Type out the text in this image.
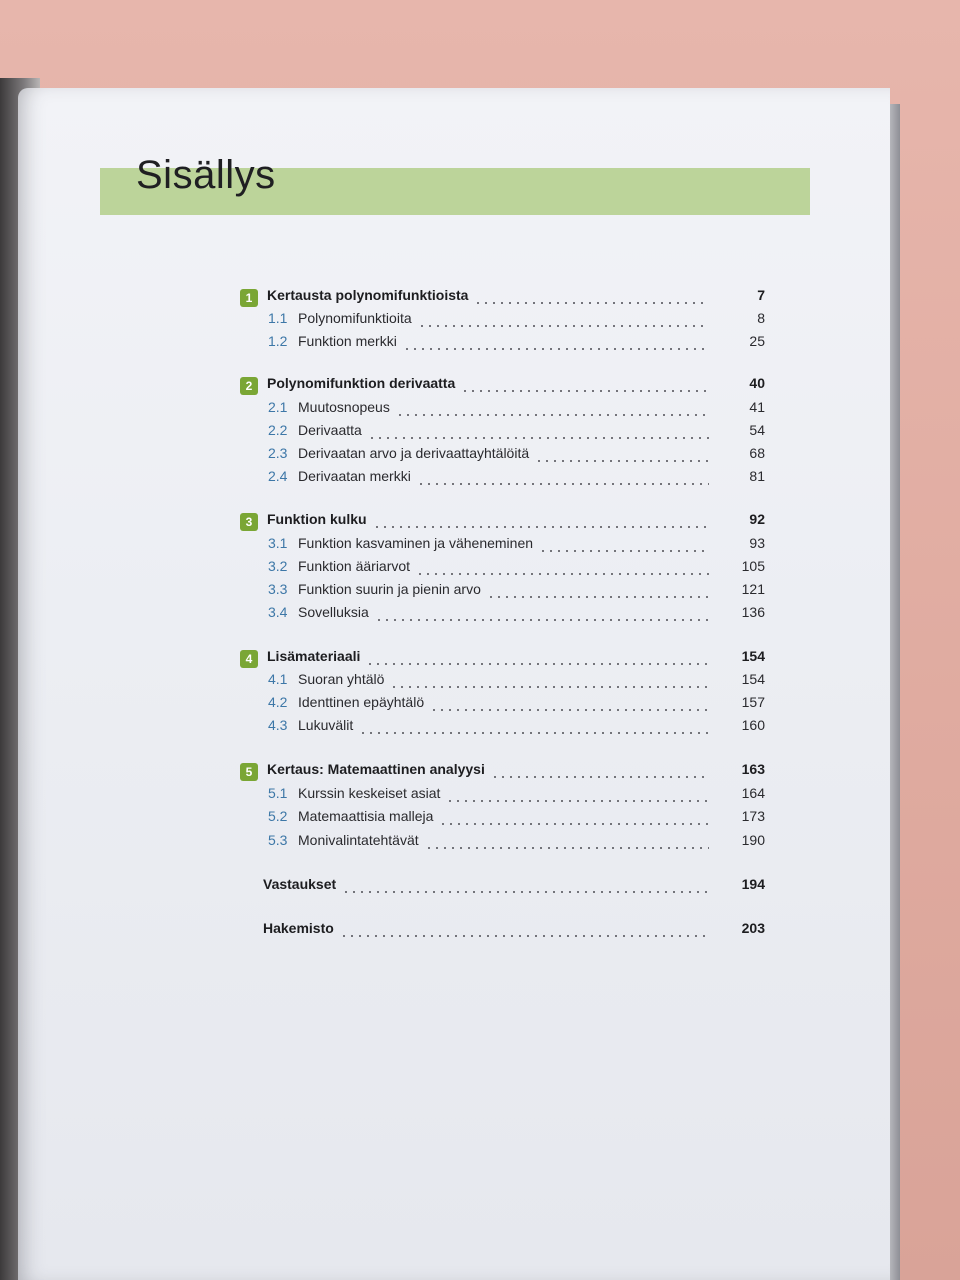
Sisällys
1	Kertausta polynomifunktioista	7
1.1 Polynomifunktioita	8
1.2 Funktion merkki	25
2	Polynomifunktion derivaatta	40
2.1 Muutosnopeus	41
2.2 Derivaatta	54
2.3 Derivaatan arvo ja derivaattayhtälöitä	68
2.4 Derivaatan merkki	81
3	Funktion kulku	92
3.1 Funktion kasvaminen ja väheneminen	93
3.2 Funktion ääriarvot	105
3.3 Funktion suurin ja pienin arvo	121
3.4 Sovelluksia	136
4	Lisämateriaali	154
4.1 Suoran yhtälö	154
4.2 Identtinen epäyhtälö	157
4.3 Lukuvälit	160
5	Kertaus: Matemaattinen analyysi	163
5.1 Kurssin keskeiset asiat	164
5.2 Matemaattisia malleja	173
5.3 Monivalintatehtävät	190
Vastaukset	194
Hakemisto	203
